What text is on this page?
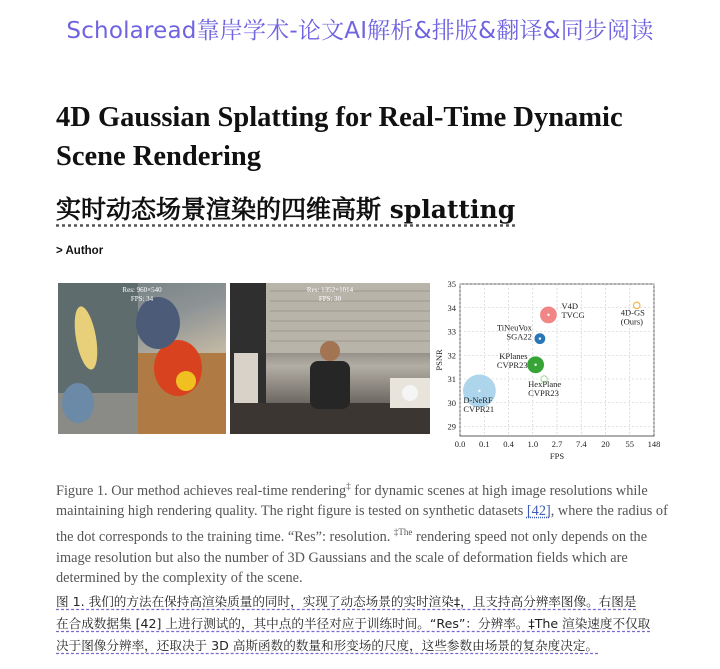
Scholaread靠岸学术-论文AI解析&排版&翻译&同步阅读
4D Gaussian Splatting for Real-Time Dynamic
Scene Rendering
实时动态场景渲染的四维高斯 splatting
> Author
Res: 960×540
FPS: 34
Res: 1352×1014
FPS: 30
0.0 0.1 0.4 1.0 2.7 7.4 20 55 148
29
30
31
32
33
34
35
FPS
PSNR
D-NeRF
CVPR21
TiNeuVox
SGA22
KPlanes
CVPR23
V4D
TVCG
HexPlane
CVPR23
4D-GS
(Ours)
Figure 1. Our method achieves real-time rendering‡ for dynamic scenes at high image resolutions while maintaining high rendering quality. The right figure is tested on synthetic datasets [42], where the radius of the dot corresponds to the training time. “Res”: resolution. $^{\ddagger The}$ rendering speed not only depends on the image resolution but also the number of 3D Gaussians and the scale of deformation fields which are determined by the complexity of the scene.
图 1. 我们的方法在保持高渲染质量的同时，实现了动态场景的实时渲染‡，且支持高分辨率图像。右图是
在合成数据集 [42] 上进行测试的，其中点的半径对应于训练时间。“Res”：分辨率。‡The 渲染速度不仅取
决于图像分辨率，还取决于 3D 高斯函数的数量和形变场的尺度，这些参数由场景的复杂度决定。
